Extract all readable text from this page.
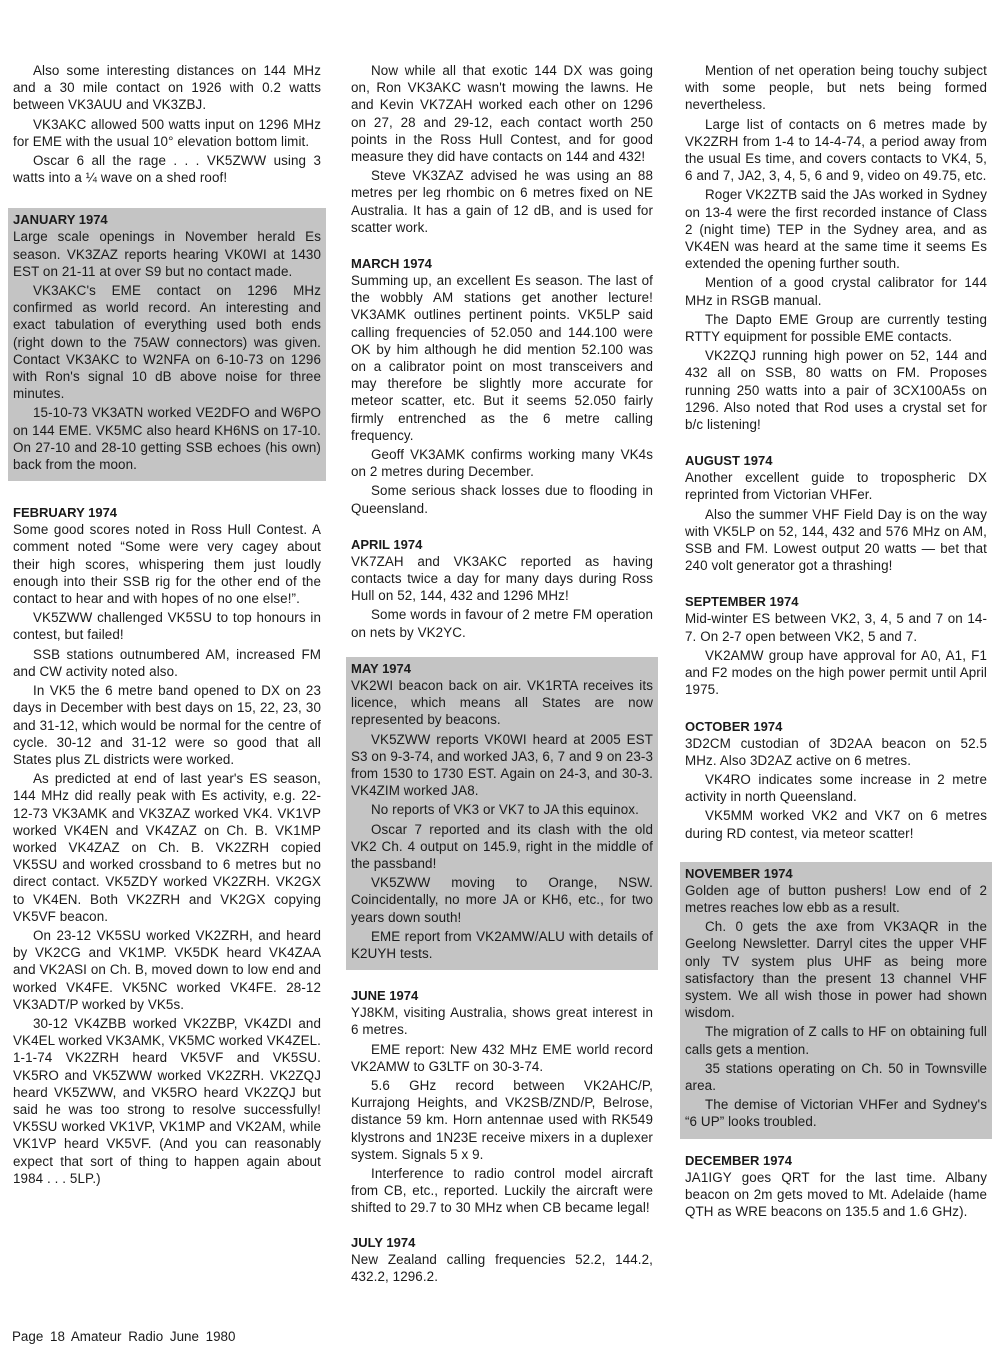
Also some interesting distances on 144 MHz and a 30 mile contact on 1926 with 0.2 watts between VK3AUU and VK3ZBJ.

VK3AKC allowed 500 watts input on 1296 MHz for EME with the usual 10° elevation bottom limit.

Oscar 6 all the rage . . . VK5ZWW using 3 watts into a ¼ wave on a shed roof!

JANUARY 1974

Large scale openings in November herald Es season. VK3ZAZ reports hearing VK0WI at 1430 EST on 21-11 at over S9 but no contact made.

VK3AKC's EME contact on 1296 MHz confirmed as world record. An interesting and exact tabulation of everything used both ends (right down to the 75AW connectors) was given. Contact VK3AKC to W2NFA on 6-10-73 on 1296 with Ron's signal 10 dB above noise for three minutes.

15-10-73 VK3ATN worked VE2DFO and W6PO on 144 EME. VK5MC also heard KH6NS on 17-10. On 27-10 and 28-10 getting SSB echoes (his own) back from the moon.

FEBRUARY 1974

Some good scores noted in Ross Hull Contest. A comment noted “Some were very cagey about their high scores, whispering them just loudly enough into their SSB rig for the other end of the contact to hear and with hopes of no one else!”.

VK5ZWW challenged VK5SU to top honours in contest, but failed!

SSB stations outnumbered AM, increased FM and CW activity noted also.

In VK5 the 6 metre band opened to DX on 23 days in December with best days on 15, 22, 23, 30 and 31-12, which would be normal for the centre of cycle. 30-12 and 31-12 were so good that all States plus ZL districts were worked.

As predicted at end of last year's ES season, 144 MHz did really peak with Es activity, e.g. 22-12-73 VK3AMK and VK3ZAZ worked VK4. VK1VP worked VK4EN and VK4ZAZ on Ch. B. VK1MP worked VK4ZAZ on Ch. B. VK2ZRH copied VK5SU and worked crossband to 6 metres but no direct contact. VK5ZDY worked VK2ZRH. VK2GX to VK4EN. Both VK2ZRH and VK2GX copying VK5VF beacon.

On 23-12 VK5SU worked VK2ZRH, and heard by VK2CG and VK1MP. VK5DK heard VK4ZAA and VK2ASI on Ch. B, moved down to low end and worked VK4FE. VK5NC worked VK4FE. 28-12 VK3ADT/P worked by VK5s.

30-12 VK4ZBB worked VK2ZBP, VK4ZDI and VK4EL worked VK3AMK, VK5MC worked VK4ZEL. 1-1-74 VK2ZRH heard VK5VF and VK5SU. VK5RO and VK5ZWW worked VK2ZRH. VK2ZQJ heard VK5ZWW, and VK5RO heard VK2ZQJ but said he was too strong to resolve successfully! VK5SU worked VK1VP, VK1MP and VK2AM, while VK1VP heard VK5VF. (And you can reasonably expect that sort of thing to happen again about 1984 . . . 5LP.)

Now while all that exotic 144 DX was going on, Ron VK3AKC wasn't mowing the lawns. He and Kevin VK7ZAH worked each other on 1296 on 27, 28 and 29-12, each contact worth 250 points in the Ross Hull Contest, and for good measure they did have contacts on 144 and 432!

Steve VK3ZAZ advised he was using an 88 metres per leg rhombic on 6 metres fixed on NE Australia. It has a gain of 12 dB, and is used for scatter work.

MARCH 1974

Summing up, an excellent Es season. The last of the wobbly AM stations get another lecture! VK3AMK outlines pertinent points. VK5LP said calling frequencies of 52.050 and 144.100 were OK by him although he did mention 52.100 was on a calibrator point on most transceivers and may therefore be slightly more accurate for meteor scatter, etc. But it seems 52.050 fairly firmly entrenched as the 6 metre calling frequency.

Geoff VK3AMK confirms working many VK4s on 2 metres during December.

Some serious shack losses due to flooding in Queensland.

APRIL 1974

VK7ZAH and VK3AKC reported as having contacts twice a day for many days during Ross Hull on 52, 144, 432 and 1296 MHz!

Some words in favour of 2 metre FM operation on nets by VK2YC.

MAY 1974

VK2WI beacon back on air. VK1RTA receives its licence, which means all States are now represented by beacons.

VK5ZWW reports VK0WI heard at 2005 EST S3 on 9-3-74, and worked JA3, 6, 7 and 9 on 23-3 from 1530 to 1730 EST. Again on 24-3, and 30-3. VK4ZIM worked JA8.

No reports of VK3 or VK7 to JA this equinox.

Oscar 7 reported and its clash with the old VK2 Ch. 4 output on 145.9, right in the middle of the passband!

VK5ZWW moving to Orange, NSW. Coincidentally, no more JA or KH6, etc., for two years down south!

EME report from VK2AMW/ALU with details of K2UYH tests.

JUNE 1974

YJ8KM, visiting Australia, shows great interest in 6 metres.

EME report: New 432 MHz EME world record VK2AMW to G3LTF on 30-3-74.

5.6 GHz record between VK2AHC/P, Kurrajong Heights, and VK2SB/ZND/P, Belrose, distance 59 km. Horn antennae used with RK549 klystrons and 1N23E receive mixers in a duplexer system. Signals 5 x 9.

Interference to radio control model aircraft from CB, etc., reported. Luckily the aircraft were shifted to 29.7 to 30 MHz when CB became legal!

JULY 1974

New Zealand calling frequencies 52.2, 144.2, 432.2, 1296.2.

Mention of net operation being touchy subject with some people, but nets being formed nevertheless.

Large list of contacts on 6 metres made by VK2ZRH from 1-4 to 14-4-74, a period away from the usual Es time, and covers contacts to VK4, 5, 6 and 7, JA2, 3, 4, 5, 6 and 9, video on 49.75, etc.

Roger VK2ZTB said the JAs worked in Sydney on 13-4 were the first recorded instance of Class 2 (night time) TEP in the Sydney area, and as VK4EN was heard at the same time it seems Es extended the opening further south.

Mention of a good crystal calibrator for 144 MHz in RSGB manual.

The Dapto EME Group are currently testing RTTY equipment for possible EME contacts.

VK2ZQJ running high power on 52, 144 and 432 all on SSB, 80 watts on FM. Proposes running 250 watts into a pair of 3CX100A5s on 1296. Also noted that Rod uses a crystal set for b/c listening!

AUGUST 1974

Another excellent guide to tropospheric DX reprinted from Victorian VHFer.

Also the summer VHF Field Day is on the way with VK5LP on 52, 144, 432 and 576 MHz on AM, SSB and FM. Lowest output 20 watts — bet that 240 volt generator got a thrashing!

SEPTEMBER 1974

Mid-winter ES between VK2, 3, 4, 5 and 7 on 14-7. On 2-7 open between VK2, 5 and 7.

VK2AMW group have approval for A0, A1, F1 and F2 modes on the high power permit until April 1975.

OCTOBER 1974

3D2CM custodian of 3D2AA beacon on 52.5 MHz. Also 3D2AZ active on 6 metres.

VK4RO indicates some increase in 2 metre activity in north Queensland.

VK5MM worked VK2 and VK7 on 6 metres during RD contest, via meteor scatter!

NOVEMBER 1974

Golden age of button pushers! Low end of 2 metres reaches low ebb as a result.

Ch. 0 gets the axe from VK3AQR in the Geelong Newsletter. Darryl cites the upper VHF only TV system plus UHF as being more satisfactory than the present 13 channel VHF system. We all wish those in power had shown wisdom.

The migration of Z calls to HF on obtaining full calls gets a mention.

35 stations operating on Ch. 50 in Townsville area.

The demise of Victorian VHFer and Sydney's “6 UP” looks troubled.

DECEMBER 1974

JA1IGY goes QRT for the last time. Albany beacon on 2m gets moved to Mt. Adelaide (hame QTH as WRE beacons on 135.5 and 1.6 GHz).

Page 18 Amateur Radio June 1980
